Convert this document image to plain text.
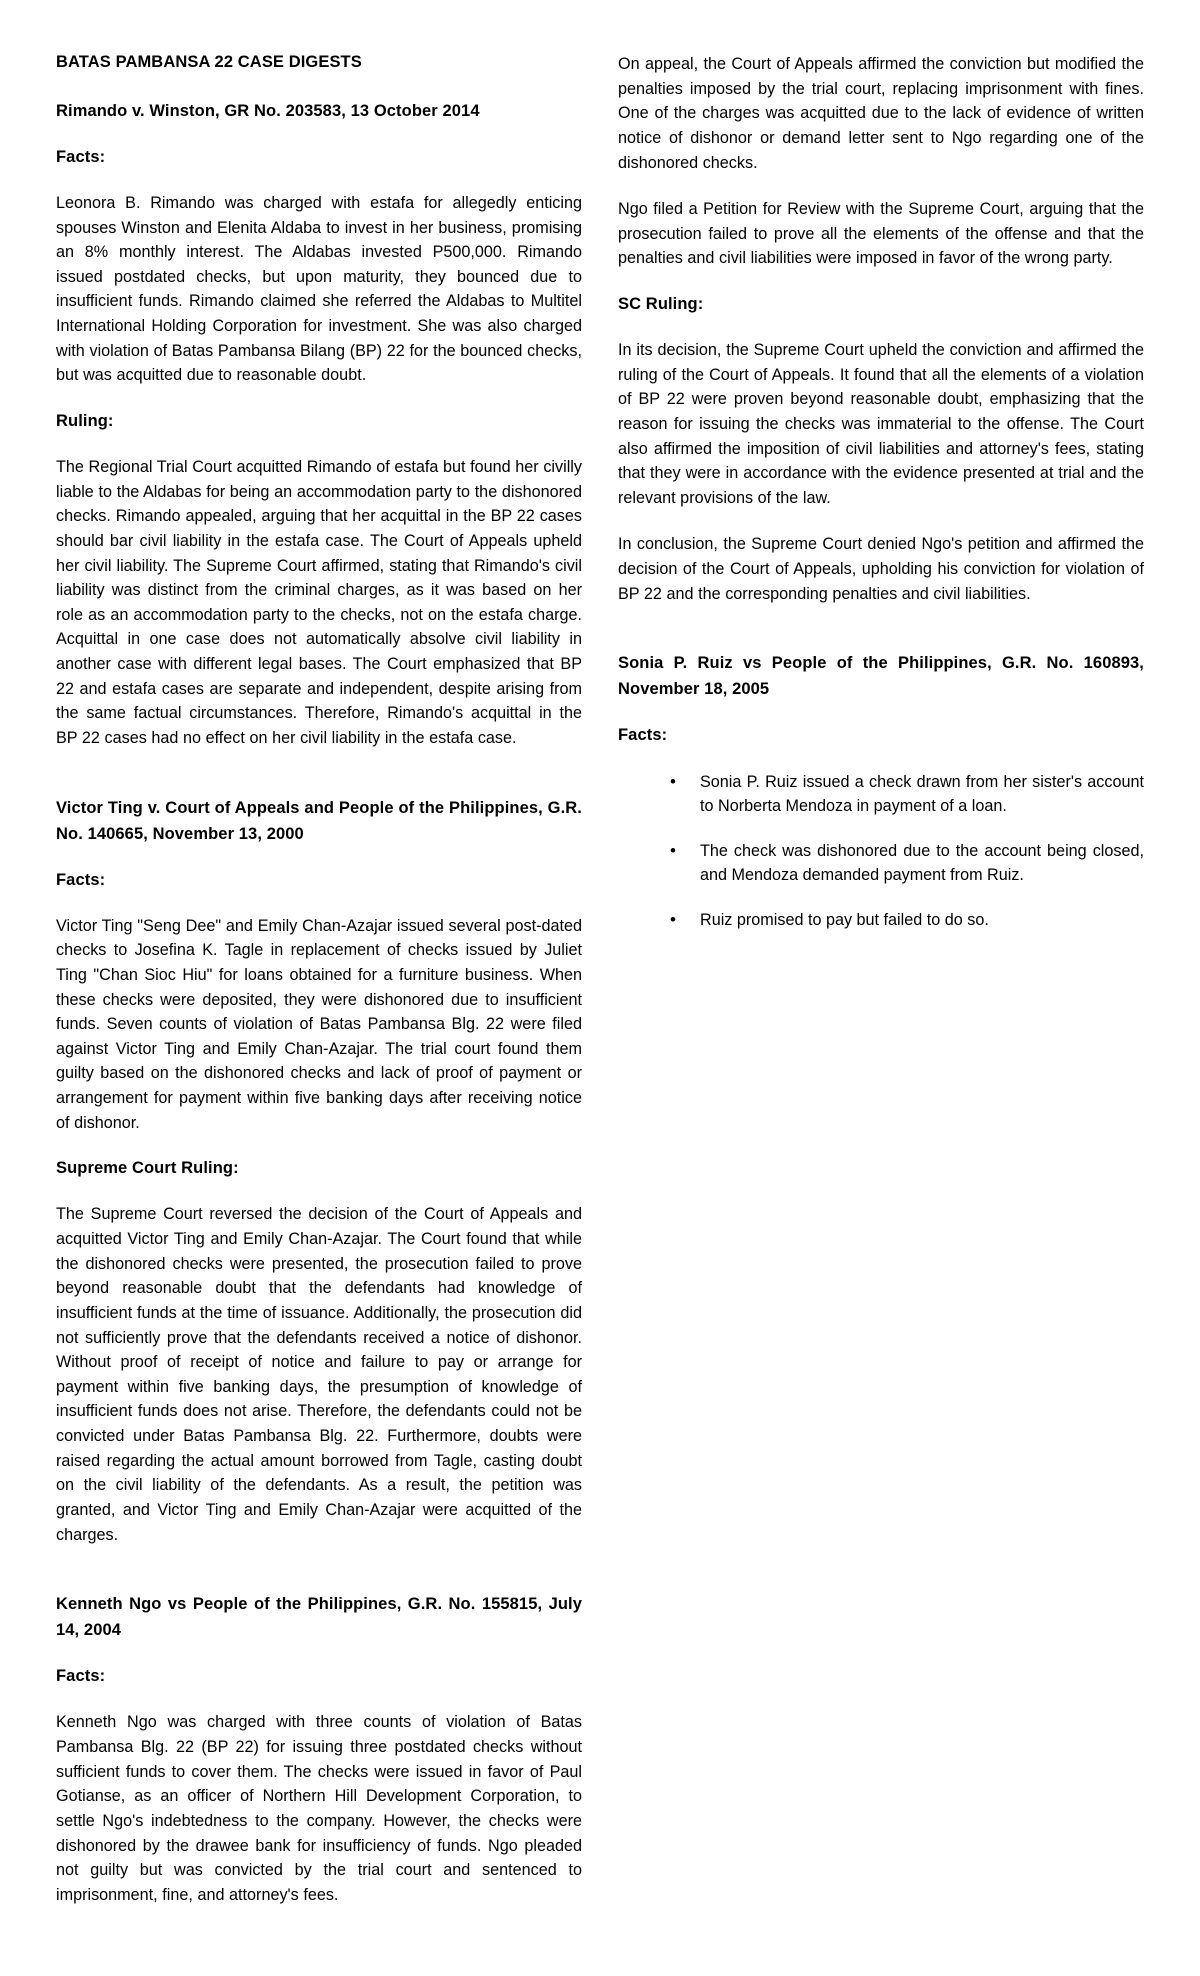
BATAS PAMBANSA 22 CASE DIGESTS
Rimando v. Winston, GR No. 203583, 13 October 2014
Facts:

Leonora B. Rimando was charged with estafa for allegedly enticing spouses Winston and Elenita Aldaba to invest in her business, promising an 8% monthly interest. The Aldabas invested P500,000. Rimando issued postdated checks, but upon maturity, they bounced due to insufficient funds. Rimando claimed she referred the Aldabas to Multitel International Holding Corporation for investment. She was also charged with violation of Batas Pambansa Bilang (BP) 22 for the bounced checks, but was acquitted due to reasonable doubt.

Ruling:

The Regional Trial Court acquitted Rimando of estafa but found her civilly liable to the Aldabas for being an accommodation party to the dishonored checks. Rimando appealed, arguing that her acquittal in the BP 22 cases should bar civil liability in the estafa case. The Court of Appeals upheld her civil liability. The Supreme Court affirmed, stating that Rimando's civil liability was distinct from the criminal charges, as it was based on her role as an accommodation party to the checks, not on the estafa charge. Acquittal in one case does not automatically absolve civil liability in another case with different legal bases. The Court emphasized that BP 22 and estafa cases are separate and independent, despite arising from the same factual circumstances. Therefore, Rimando's acquittal in the BP 22 cases had no effect on her civil liability in the estafa case.

Victor Ting v. Court of Appeals and People of the Philippines, G.R. No. 140665, November 13, 2000
Facts:

Victor Ting "Seng Dee" and Emily Chan-Azajar issued several post-dated checks to Josefina K. Tagle in replacement of checks issued by Juliet Ting "Chan Sioc Hiu" for loans obtained for a furniture business. When these checks were deposited, they were dishonored due to insufficient funds. Seven counts of violation of Batas Pambansa Blg. 22 were filed against Victor Ting and Emily Chan-Azajar. The trial court found them guilty based on the dishonored checks and lack of proof of payment or arrangement for payment within five banking days after receiving notice of dishonor.

Supreme Court Ruling:

The Supreme Court reversed the decision of the Court of Appeals and acquitted Victor Ting and Emily Chan-Azajar. The Court found that while the dishonored checks were presented, the prosecution failed to prove beyond reasonable doubt that the defendants had knowledge of insufficient funds at the time of issuance. Additionally, the prosecution did not sufficiently prove that the defendants received a notice of dishonor. Without proof of receipt of notice and failure to pay or arrange for payment within five banking days, the presumption of knowledge of insufficient funds does not arise. Therefore, the defendants could not be convicted under Batas Pambansa Blg. 22. Furthermore, doubts were raised regarding the actual amount borrowed from Tagle, casting doubt on the civil liability of the defendants. As a result, the petition was granted, and Victor Ting and Emily Chan-Azajar were acquitted of the charges.

Kenneth Ngo vs People of the Philippines, G.R. No. 155815, July 14, 2004
Facts:

Kenneth Ngo was charged with three counts of violation of Batas Pambansa Blg. 22 (BP 22) for issuing three postdated checks without sufficient funds to cover them. The checks were issued in favor of Paul Gotianse, as an officer of Northern Hill Development Corporation, to settle Ngo's indebtedness to the company. However, the checks were dishonored by the drawee bank for insufficiency of funds. Ngo pleaded not guilty but was convicted by the trial court and sentenced to imprisonment, fine, and attorney's fees.

On appeal, the Court of Appeals affirmed the conviction but modified the penalties imposed by the trial court, replacing imprisonment with fines. One of the charges was acquitted due to the lack of evidence of written notice of dishonor or demand letter sent to Ngo regarding one of the dishonored checks.

Ngo filed a Petition for Review with the Supreme Court, arguing that the prosecution failed to prove all the elements of the offense and that the penalties and civil liabilities were imposed in favor of the wrong party.

SC Ruling:

In its decision, the Supreme Court upheld the conviction and affirmed the ruling of the Court of Appeals. It found that all the elements of a violation of BP 22 were proven beyond reasonable doubt, emphasizing that the reason for issuing the checks was immaterial to the offense. The Court also affirmed the imposition of civil liabilities and attorney's fees, stating that they were in accordance with the evidence presented at trial and the relevant provisions of the law.

In conclusion, the Supreme Court denied Ngo's petition and affirmed the decision of the Court of Appeals, upholding his conviction for violation of BP 22 and the corresponding penalties and civil liabilities.

Sonia P. Ruiz vs People of the Philippines, G.R. No. 160893, November 18, 2005
Facts:
• Sonia P. Ruiz issued a check drawn from her sister's account to Norberta Mendoza in payment of a loan.
• The check was dishonored due to the account being closed, and Mendoza demanded payment from Ruiz.
• Ruiz promised to pay but failed to do so.
